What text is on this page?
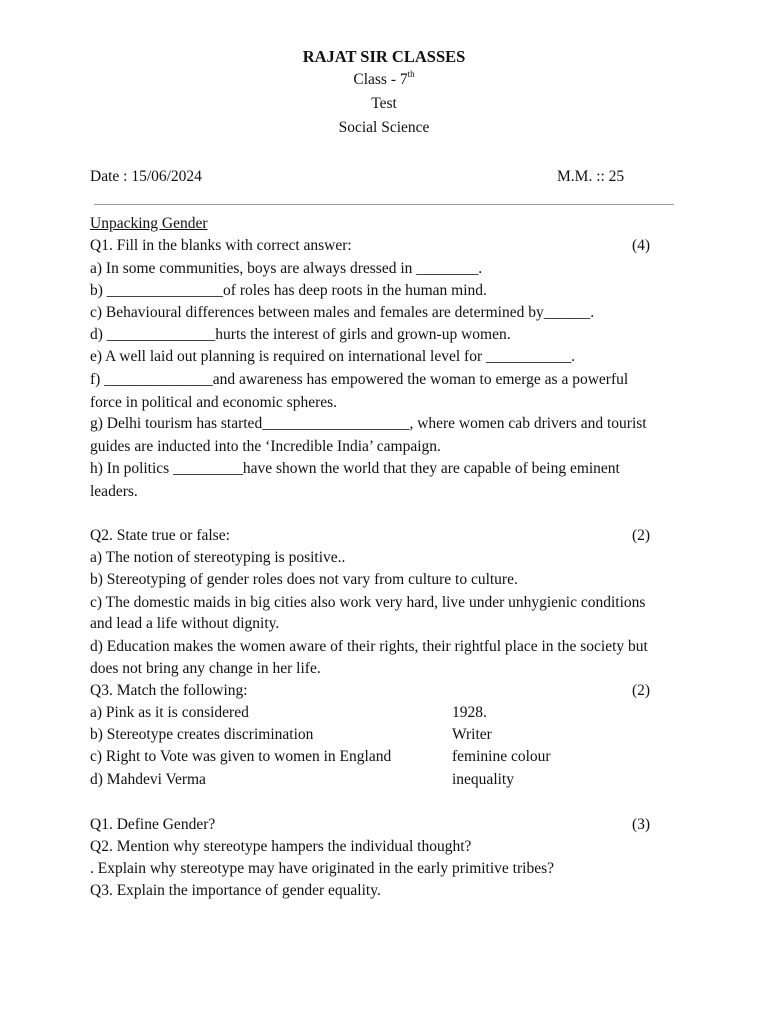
RAJAT SIR CLASSES
Class - 7th
Test
Social Science
Date : 15/06/2024	M.M. :: 25
Unpacking Gender
Q1. Fill in the blanks with correct answer:	(4)
a) In some communities, boys are always dressed in ________.
b) _______________of roles has deep roots in the human mind.
c) Behavioural differences between males and females are determined by______.
d) ______________hurts the interest of girls and grown-up women.
e) A well laid out planning is required on international level for ___________.
f) ______________and awareness has empowered the woman to emerge as a powerful
force in political and economic spheres.
g) Delhi tourism has started___________________, where women cab drivers and tourist
guides are inducted into the ‘Incredible India’ campaign.
h) In politics _________have shown the world that they are capable of being eminent
leaders.
Q2. State true or false:	(2)
a) The notion of stereotyping is positive..
b) Stereotyping of gender roles does not vary from culture to culture.
c) The domestic maids in big cities also work very hard, live under unhygienic conditions
and lead a life without dignity.
d) Education makes the women aware of their rights, their rightful place in the society but
does not bring any change in her life.
Q3. Match the following:	(2)
a) Pink as it is considered	1928.
b) Stereotype creates discrimination	Writer
c) Right to Vote was given to women in England	feminine colour
d) Mahdevi Verma	inequality
Q1. Define Gender?	(3)
Q2. Mention why stereotype hampers the individual thought?
. Explain why stereotype may have originated in the early primitive tribes?
Q3. Explain the importance of gender equality.
